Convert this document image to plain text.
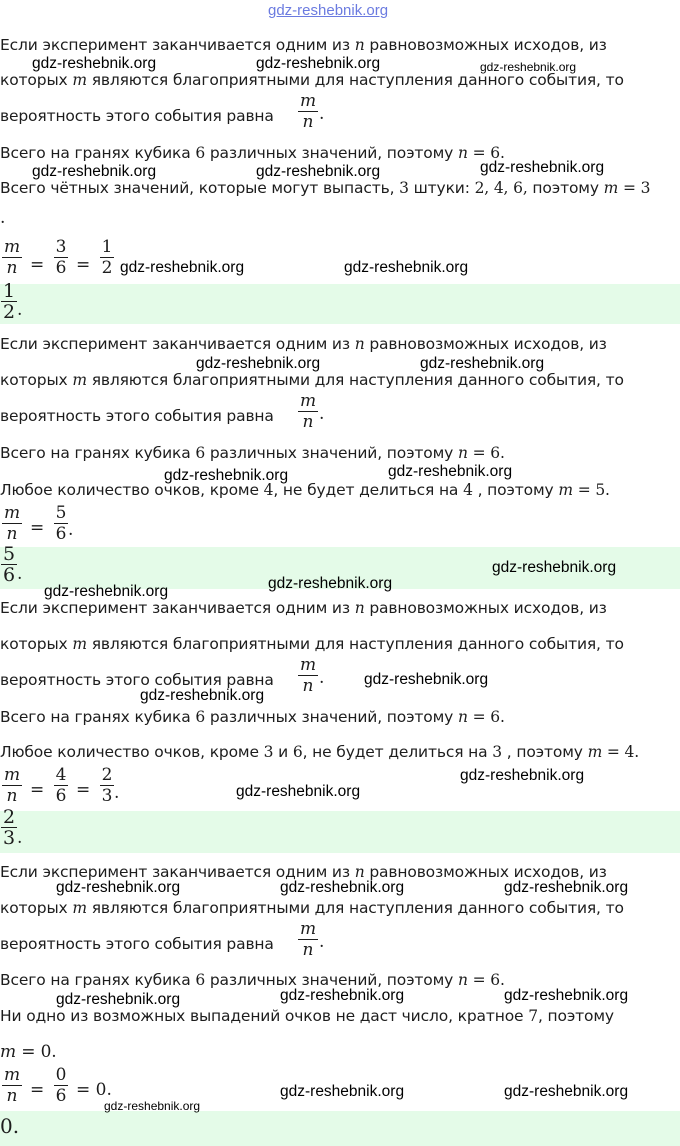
gdz-reshebnik.org
Если эксперимент заканчивается одним из n равновозможных исходов, из
которых m являются благоприятными для наступления данного события, то
вероятность этого события равна
m
n .
Всего на гранях кубика 6 различных значений, поэтому n = 6.
Всего чётных значений, которые могут выпасть, 3 штуки: 2, 4, 6, поэтому m = 3
.
m
n =
3
6 =
1
2
1
2 .
Если эксперимент заканчивается одним из n равновозможных исходов, из
которых m являются благоприятными для наступления данного события, то
вероятность этого события равна
m
n .
Всего на гранях кубика 6 различных значений, поэтому n = 6.
Любое количество очков, кроме 4, не будет делиться на 4 , поэтому m = 5.
m
n =
5
6 .
5
6 .
Если эксперимент заканчивается одним из n равновозможных исходов, из
которых m являются благоприятными для наступления данного события, то
вероятность этого события равна
m
n .
Всего на гранях кубика 6 различных значений, поэтому n = 6.
Любое количество очков, кроме 3 и 6, не будет делиться на 3 , поэтому m = 4.
m
n =
4
6 =
2
3 .
2
3 .
Если эксперимент заканчивается одним из n равновозможных исходов, из
которых m являются благоприятными для наступления данного события, то
вероятность этого события равна
m
n .
Всего на гранях кубика 6 различных значений, поэтому n = 6.
Ни одно из возможных выпадений очков не даст число, кратное 7, поэтому
m = 0.
m
n =
0
6 = 0.
0.
gdz-reshebnik.org	gdz-reshebnik.org	gdz-reshebnik.org
gdz-reshebnik.org
gdz-reshebnik.org	gdz-reshebnik.org
gdz-reshebnik.org	gdz-reshebnik.org
gdz-reshebnik.org	gdz-reshebnik.org
gdz-reshebnik.org	gdz-reshebnik.org
gdz-reshebnik.org
gdz-reshebnik.org
gdz-reshebnik.org
gdz-reshebnik.org
gdz-reshebnik.org
gdz-reshebnik.org
gdz-reshebnik.org
gdz-reshebnik.org	gdz-reshebnik.org	gdz-reshebnik.org
gdz-reshebnik.org	gdz-reshebnik.org	gdz-reshebnik.org
gdz-reshebnik.org	gdz-reshebnik.org
gdz-reshebnik.org
